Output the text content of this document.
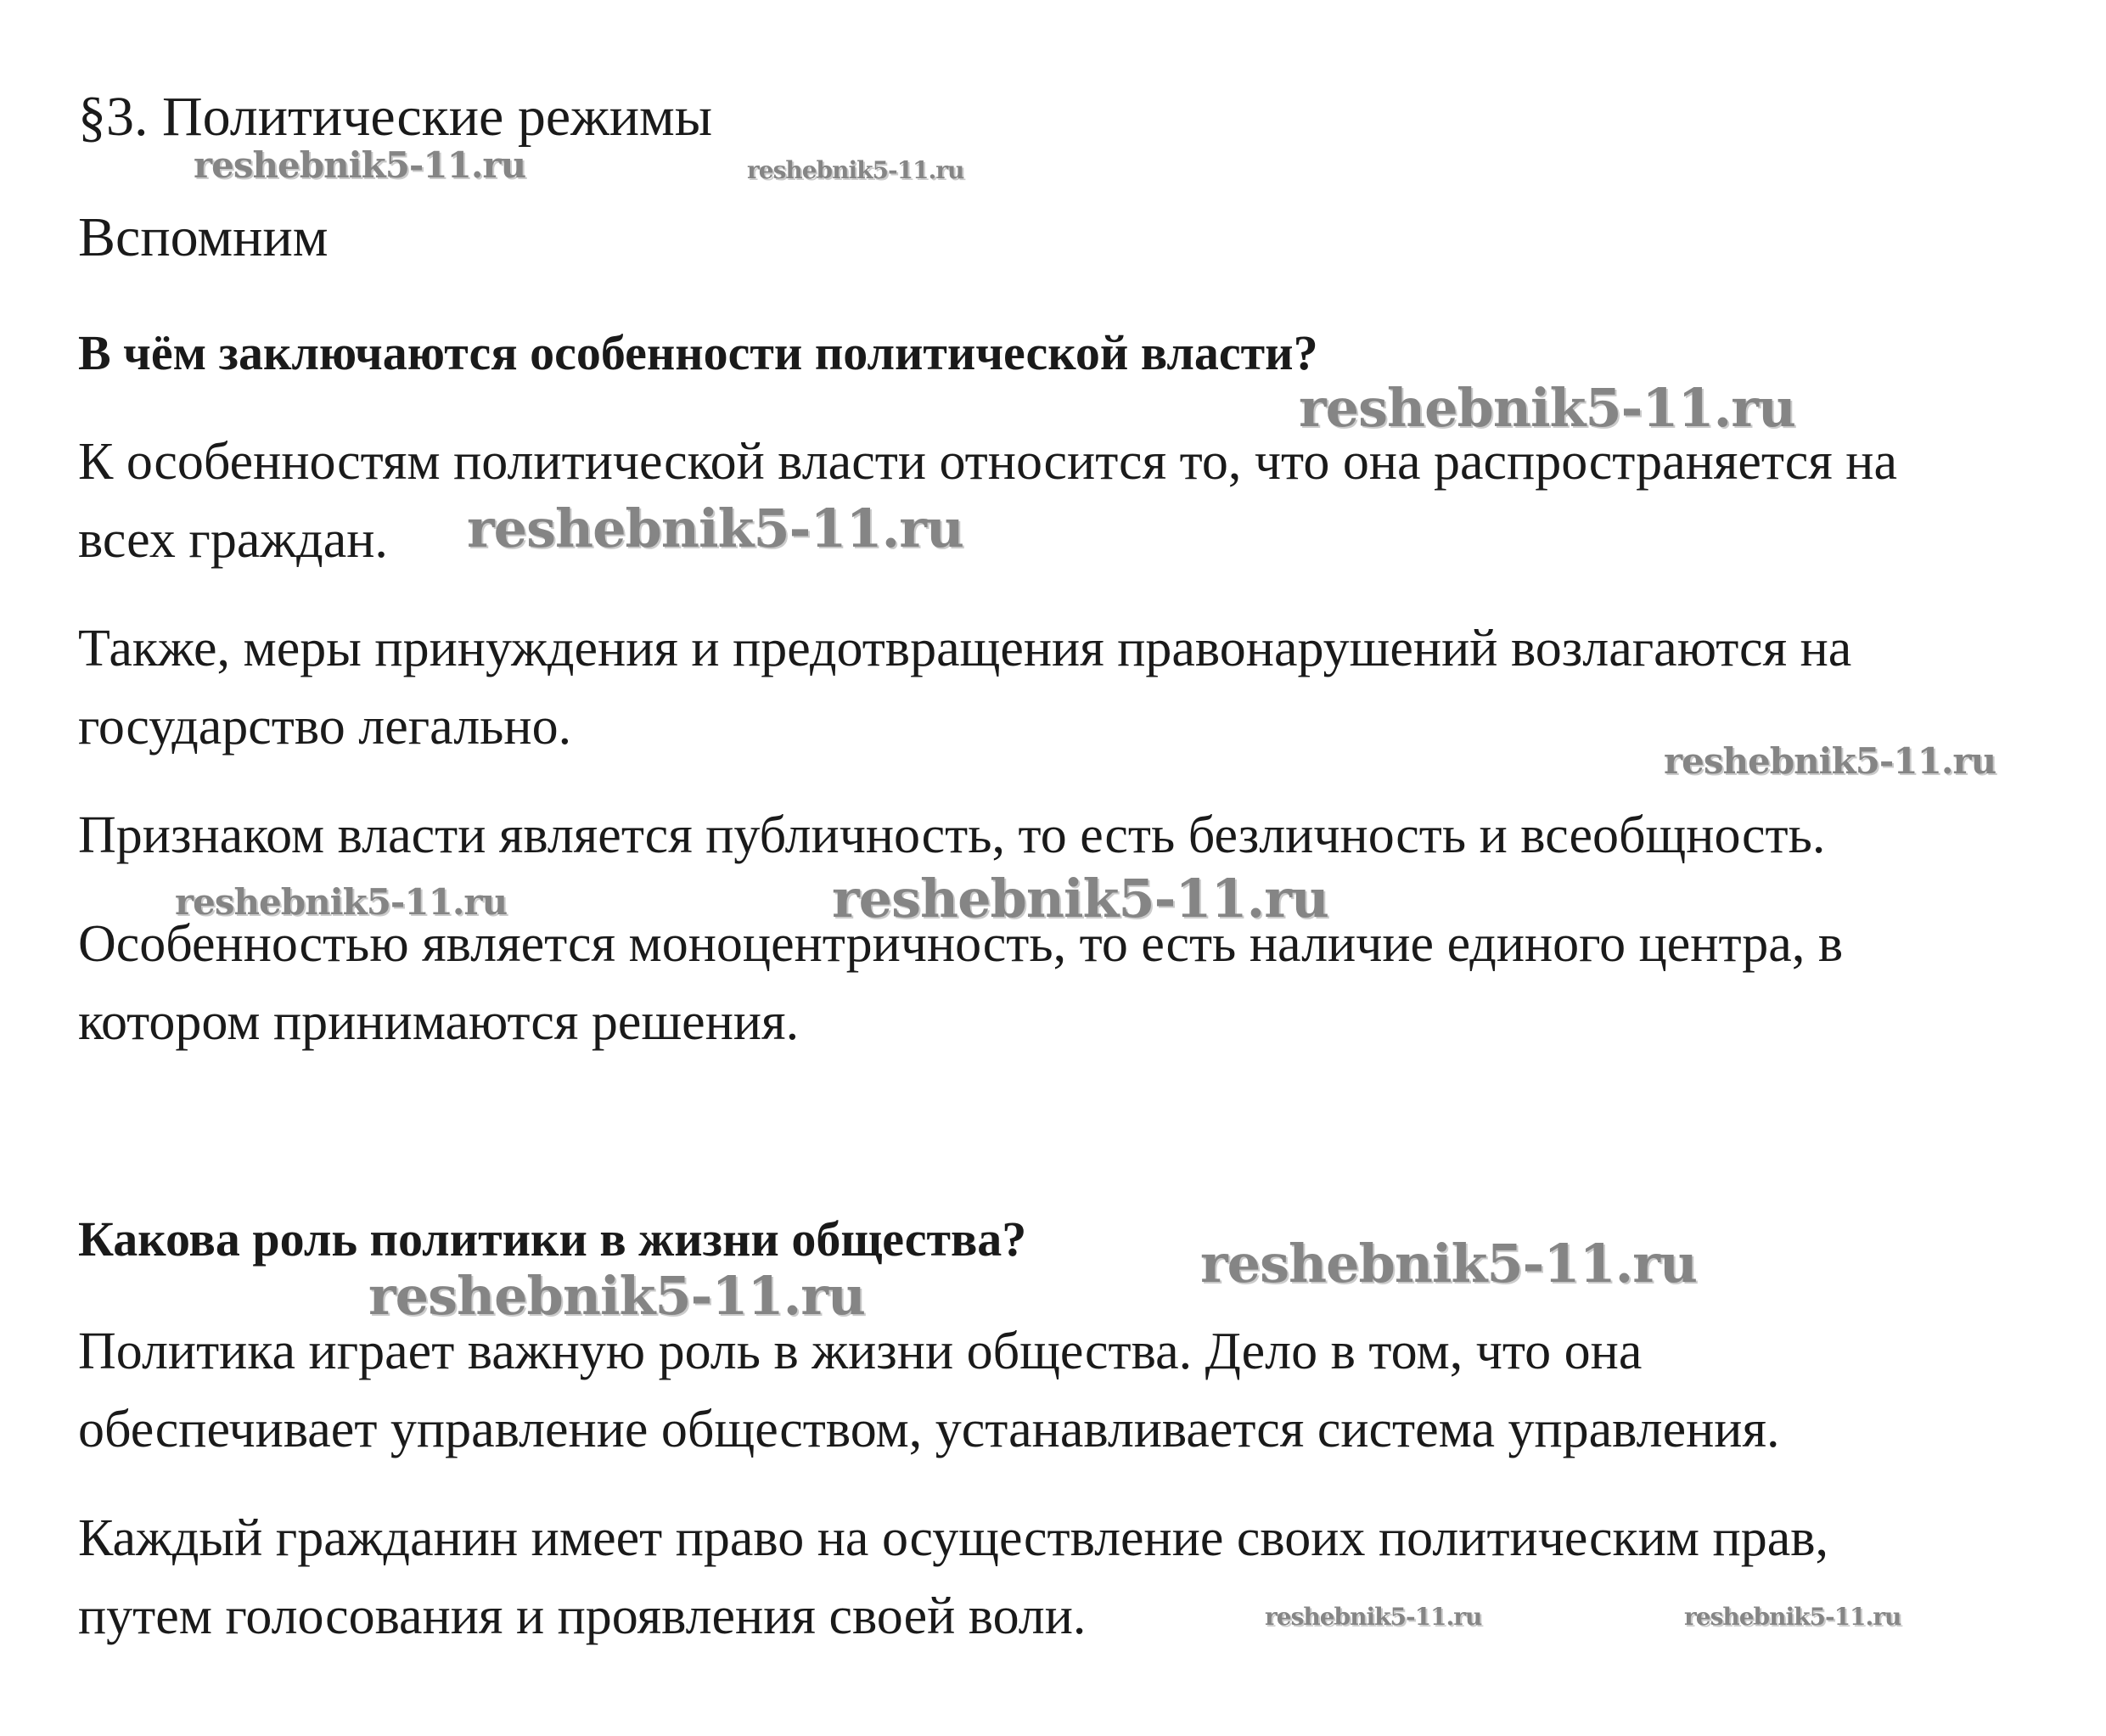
§3. Политические режимы
Вспомним
В чём заключаются особенности политической власти?
К особенностям политической власти относится то, что она распространяется на
всех граждан.
Также, меры принуждения и предотвращения правонарушений возлагаются на
государство легально.
Признаком власти является публичность, то есть безличность и всеобщность.
Особенностью является моноцентричность, то есть наличие единого центра, в
котором принимаются решения.
Какова роль политики в жизни общества?
Политика играет важную роль в жизни общества. Дело в том, что она
обеспечивает управление обществом, устанавливается система управления.
Каждый гражданин имеет право на осуществление своих политическим прав,
путем голосования и проявления своей воли.
reshebnik5-11.ru	reshebnik5-11.ru
reshebnik5-11.ru
reshebnik5-11.ru
reshebnik5-11.ru
reshebnik5-11.ru	reshebnik5-11.ru
reshebnik5-11.ru
reshebnik5-11.ru
reshebnik5-11.ru	reshebnik5-11.ru
